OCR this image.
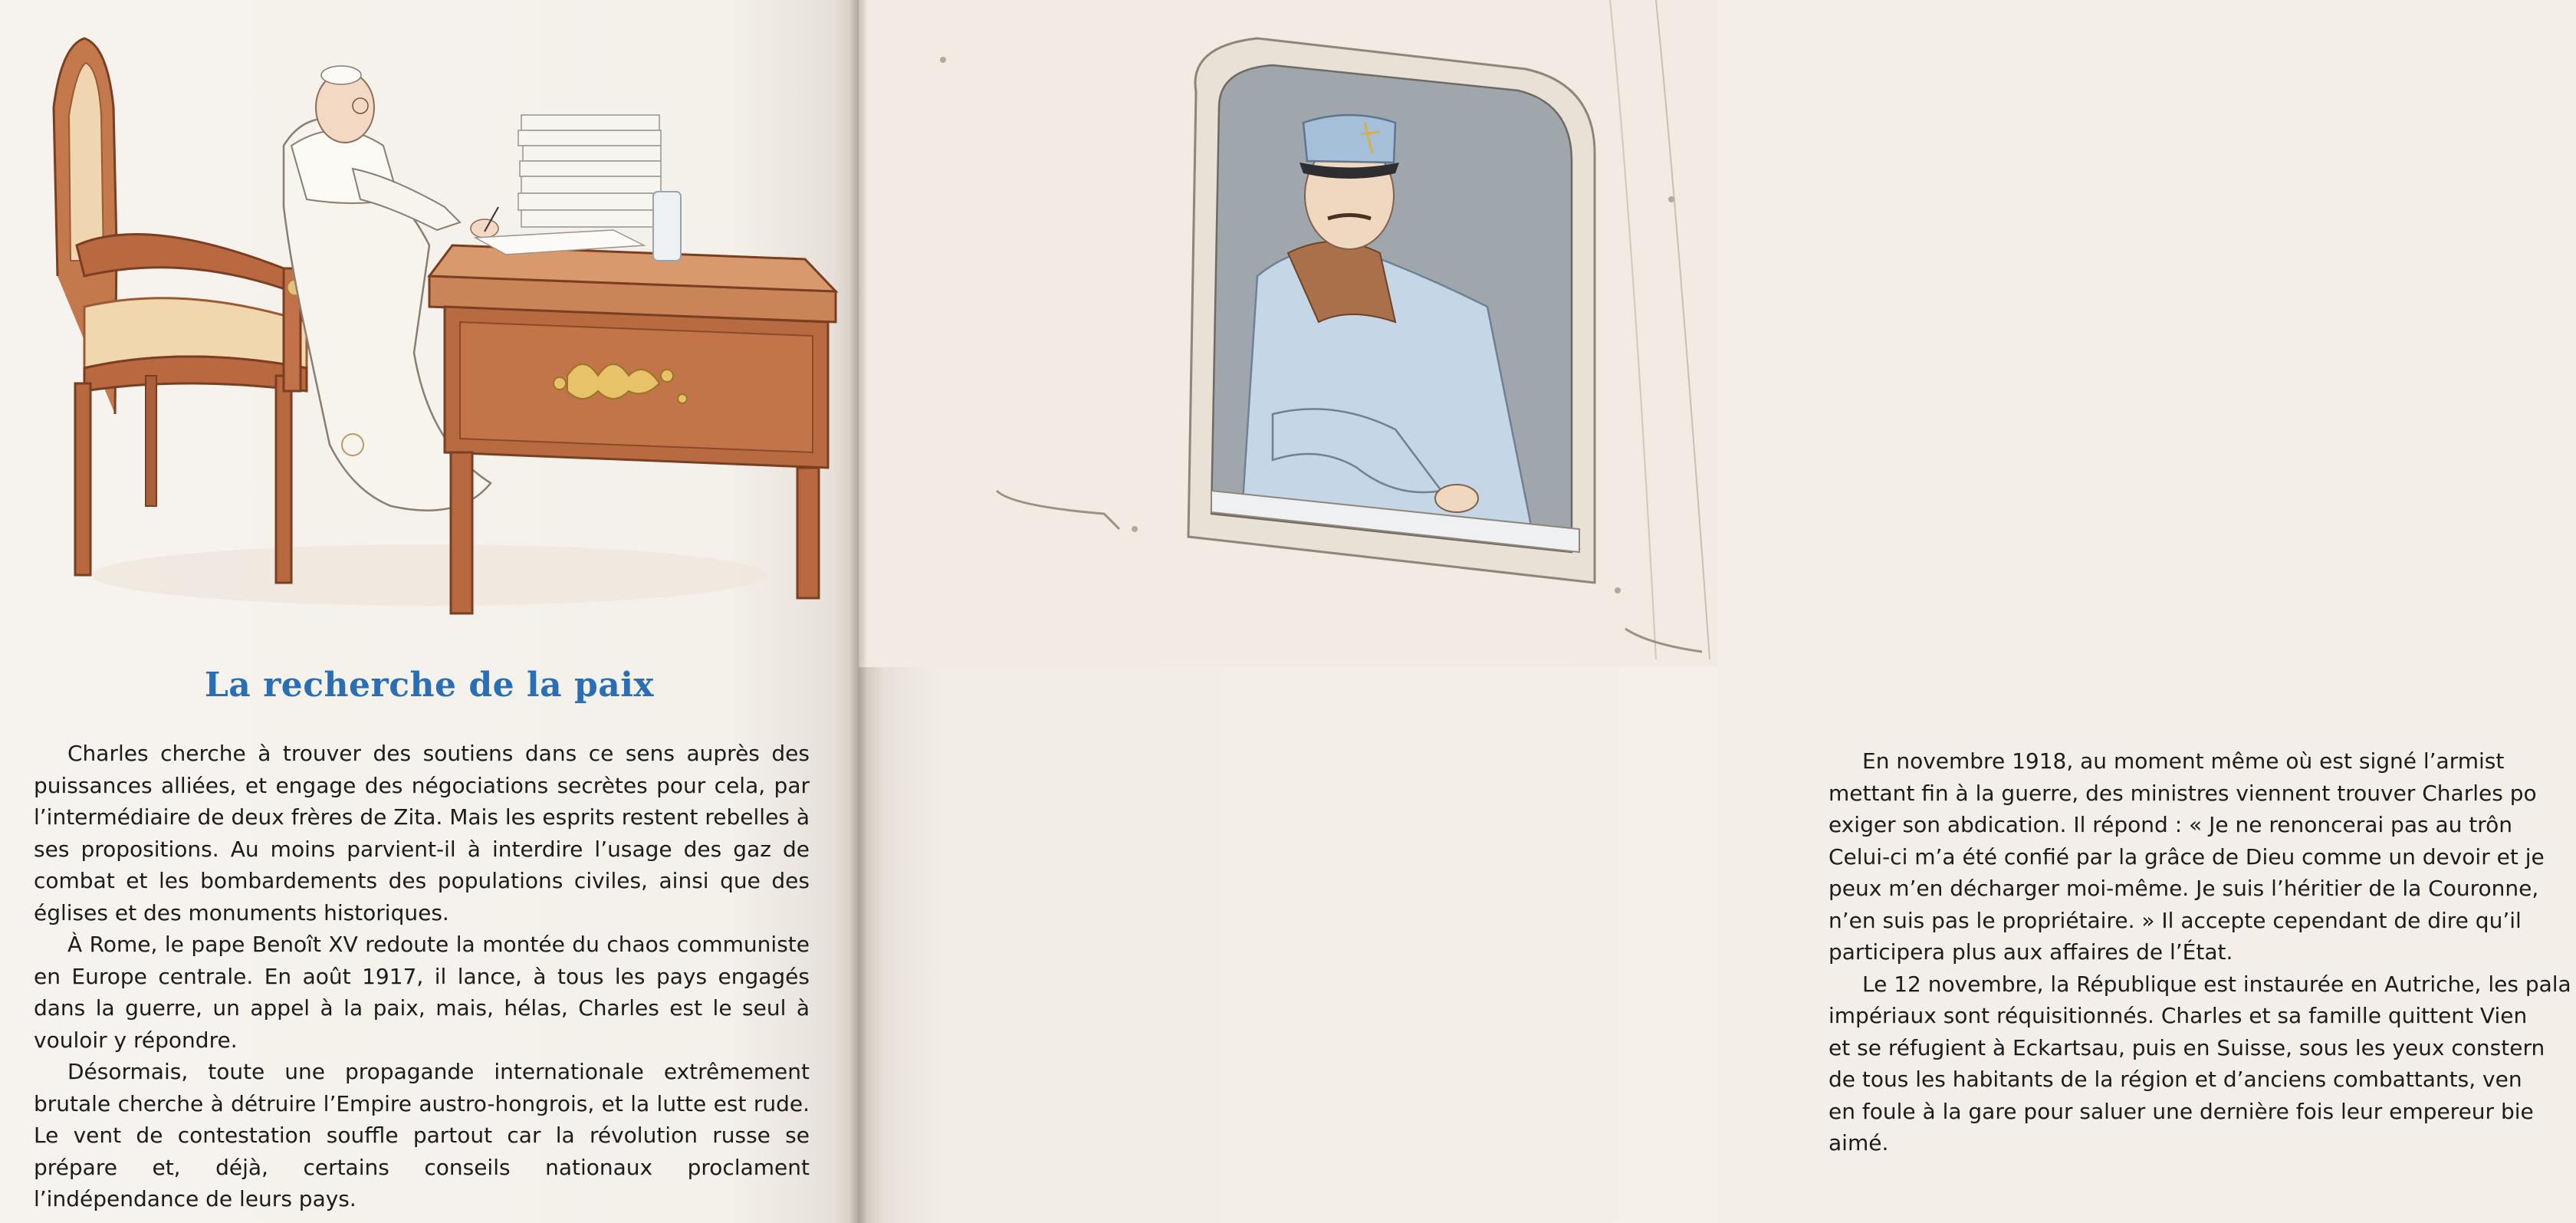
La recherche de la paix

Charles cherche à trouver des soutiens dans ce sens auprès des puissances alliées, et engage des négociations secrètes pour cela, par l’intermédiaire de deux frères de Zita. Mais les esprits restent rebelles à ses propositions. Au moins parvient-il à interdire l’usage des gaz de combat et les bombardements des populations civiles, ainsi que des églises et des monuments historiques.

À Rome, le pape Benoît XV redoute la montée du chaos communiste en Europe centrale. En août 1917, il lance, à tous les pays engagés dans la guerre, un appel à la paix, mais, hélas, Charles est le seul à vouloir y répondre.

Désormais, toute une propagande internationale extrêmement brutale cherche à détruire l’Empire austro-hongrois, et la lutte est rude. Le vent de contestation souffle partout car la révolution russe se prépare et, déjà, certains conseils nationaux proclament l’indépendance de leurs pays.

En novembre 1918, au moment même où est signé l’armist
mettant fin à la guerre, des ministres viennent trouver Charles po
exiger son abdication. Il répond : « Je ne renoncerai pas au trôn
Celui-ci m’a été confié par la grâce de Dieu comme un devoir et je
peux m’en décharger moi-même. Je suis l’héritier de la Couronne,
n’en suis pas le propriétaire. » Il accepte cependant de dire qu’il
participera plus aux affaires de l’État.
Le 12 novembre, la République est instaurée en Autriche, les pala
impériaux sont réquisitionnés. Charles et sa famille quittent Vien
et se réfugient à Eckartsau, puis en Suisse, sous les yeux constern
de tous les habitants de la région et d’anciens combattants, ven
en foule à la gare pour saluer une dernière fois leur empereur bie
aimé.
